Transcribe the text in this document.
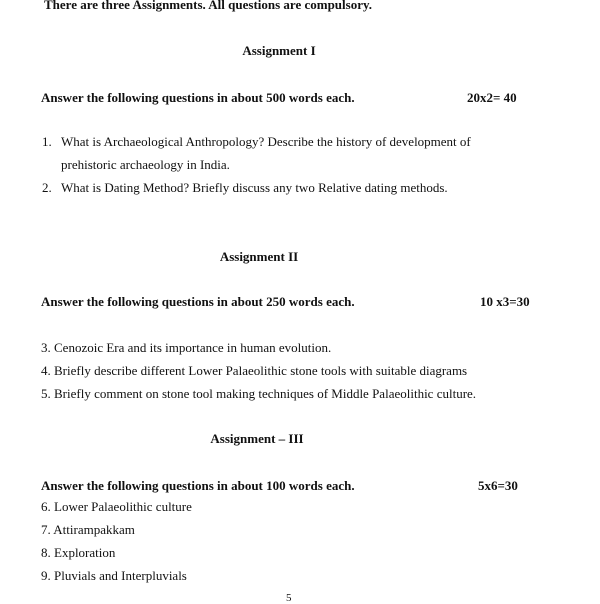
There are three Assignments. All questions are compulsory.
Assignment I
Answer the following questions in about 500 words each.	20x2= 40
1. What is Archaeological Anthropology? Describe the history of development of
prehistoric archaeology in India.
2. What is Dating Method? Briefly discuss any two Relative dating methods.
Assignment II
Answer the following questions in about 250 words each.	10 x3=30
3. Cenozoic Era and its importance in human evolution.
4. Briefly describe different Lower Palaeolithic stone tools with suitable diagrams
5. Briefly comment on stone tool making techniques of Middle Palaeolithic culture.
Assignment – III
Answer the following questions in about 100 words each.	5x6=30
6. Lower Palaeolithic culture
7. Attirampakkam
8. Exploration
9. Pluvials and Interpluvials
5
